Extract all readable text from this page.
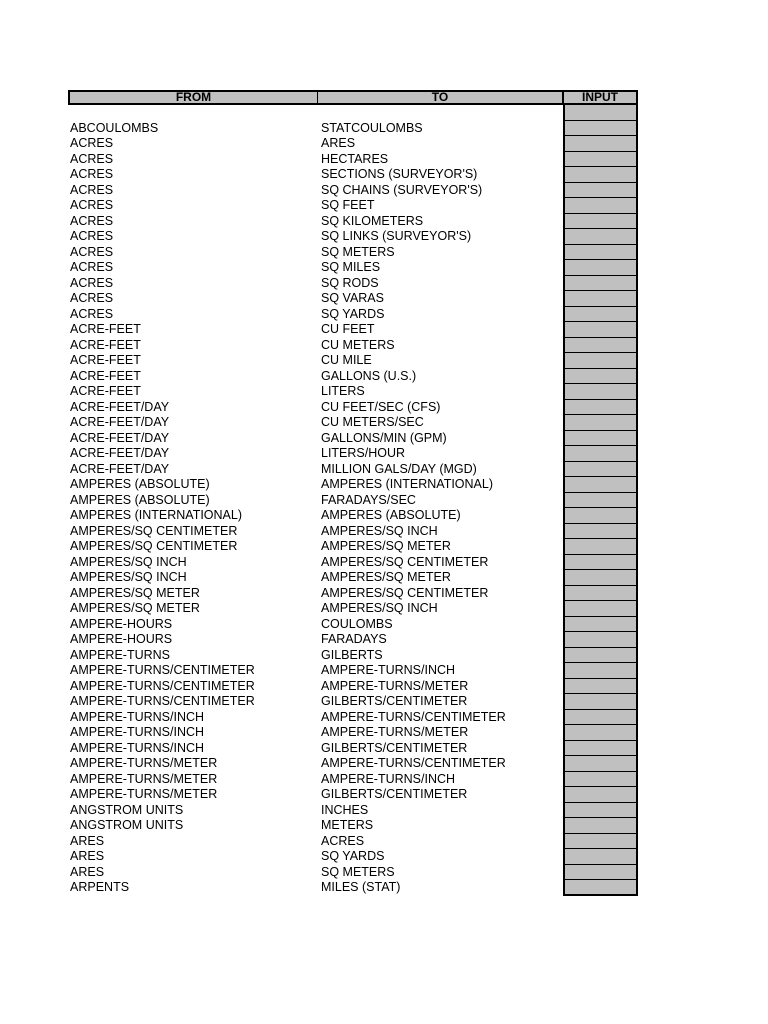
FROM	TO	INPUT
ABCOULOMBS	STATCOULOMBS
ACRES	ARES
ACRES	HECTARES
ACRES	SECTIONS (SURVEYOR'S)
ACRES	SQ CHAINS (SURVEYOR'S)
ACRES	SQ FEET
ACRES	SQ KILOMETERS
ACRES	SQ LINKS (SURVEYOR'S)
ACRES	SQ METERS
ACRES	SQ MILES
ACRES	SQ RODS
ACRES	SQ VARAS
ACRES	SQ YARDS
ACRE-FEET	CU FEET
ACRE-FEET	CU METERS
ACRE-FEET	CU MILE
ACRE-FEET	GALLONS (U.S.)
ACRE-FEET	LITERS
ACRE-FEET/DAY	CU FEET/SEC (CFS)
ACRE-FEET/DAY	CU METERS/SEC
ACRE-FEET/DAY	GALLONS/MIN (GPM)
ACRE-FEET/DAY	LITERS/HOUR
ACRE-FEET/DAY	MILLION GALS/DAY (MGD)
AMPERES (ABSOLUTE)	AMPERES (INTERNATIONAL)
AMPERES (ABSOLUTE)	FARADAYS/SEC
AMPERES (INTERNATIONAL)	AMPERES (ABSOLUTE)
AMPERES/SQ CENTIMETER	AMPERES/SQ INCH
AMPERES/SQ CENTIMETER	AMPERES/SQ METER
AMPERES/SQ INCH	AMPERES/SQ CENTIMETER
AMPERES/SQ INCH	AMPERES/SQ METER
AMPERES/SQ METER	AMPERES/SQ CENTIMETER
AMPERES/SQ METER	AMPERES/SQ INCH
AMPERE-HOURS	COULOMBS
AMPERE-HOURS	FARADAYS
AMPERE-TURNS	GILBERTS
AMPERE-TURNS/CENTIMETER	AMPERE-TURNS/INCH
AMPERE-TURNS/CENTIMETER	AMPERE-TURNS/METER
AMPERE-TURNS/CENTIMETER	GILBERTS/CENTIMETER
AMPERE-TURNS/INCH	AMPERE-TURNS/CENTIMETER
AMPERE-TURNS/INCH	AMPERE-TURNS/METER
AMPERE-TURNS/INCH	GILBERTS/CENTIMETER
AMPERE-TURNS/METER	AMPERE-TURNS/CENTIMETER
AMPERE-TURNS/METER	AMPERE-TURNS/INCH
AMPERE-TURNS/METER	GILBERTS/CENTIMETER
ANGSTROM UNITS	INCHES
ANGSTROM UNITS	METERS
ARES	ACRES
ARES	SQ YARDS
ARES	SQ METERS
ARPENTS	MILES (STAT)
